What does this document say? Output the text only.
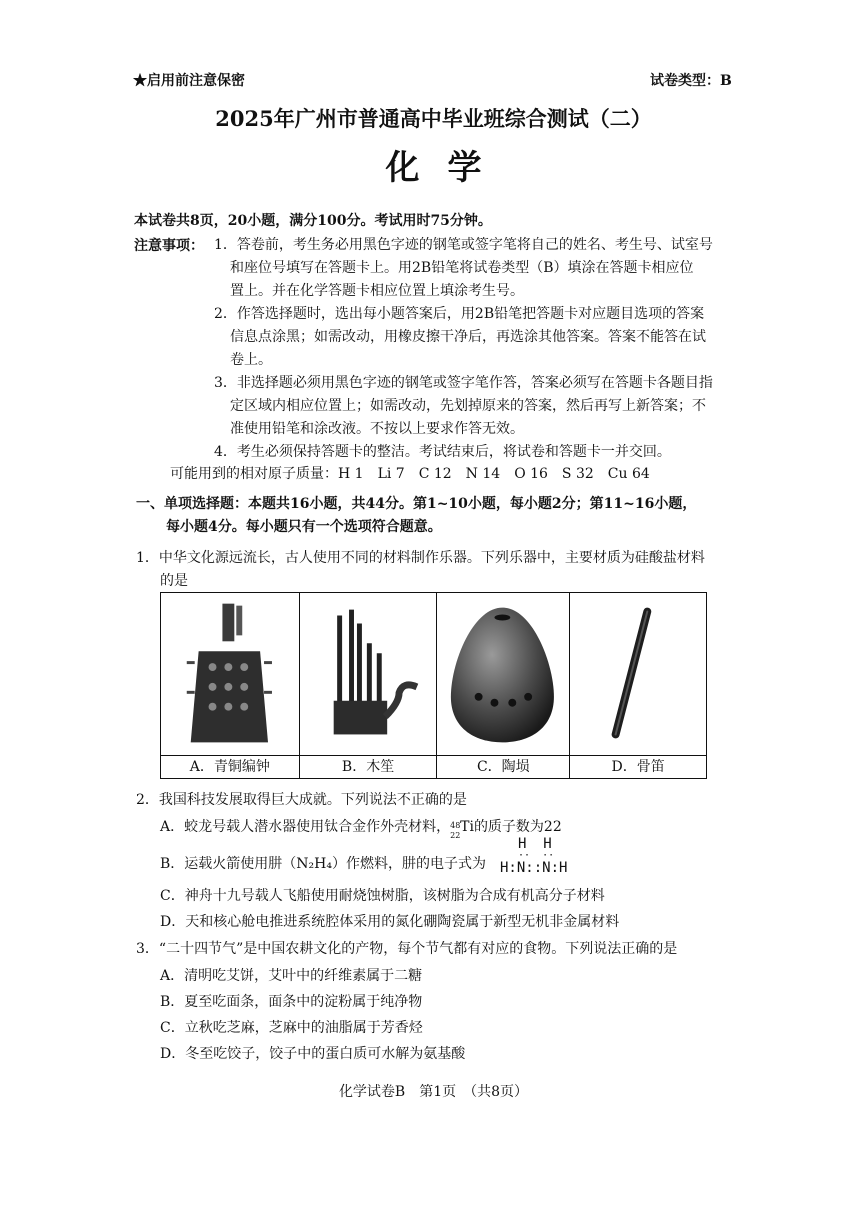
★启用前注意保密	试卷类型：B
2025年广州市普通高中毕业班综合测试（二）
化学
本试卷共8页，20小题，满分100分。考试用时75分钟。
注意事项： 1．答卷前，考生务必用黑色字迹的钢笔或签字笔将自己的姓名、考生号、试室号
和座位号填写在答题卡上。用2B铅笔将试卷类型（B）填涂在答题卡相应位
置上。并在化学答题卡相应位置上填涂考生号。
2．作答选择题时，选出每小题答案后，用2B铅笔把答题卡对应题目选项的答案
信息点涂黑；如需改动，用橡皮擦干净后，再选涂其他答案。答案不能答在试
卷上。
3．非选择题必须用黑色字迹的钢笔或签字笔作答，答案必须写在答题卡各题目指
定区域内相应位置上；如需改动，先划掉原来的答案，然后再写上新答案；不
准使用铅笔和涂改液。不按以上要求作答无效。
4．考生必须保持答题卡的整洁。考试结束后，将试卷和答题卡一并交回。
可能用到的相对原子质量：H 1　Li 7　C 12　N 14　O 16　S 32　Cu 64
一、单项选择题：本题共16小题，共44分。第1~10小题，每小题2分；第11~16小题，
每小题4分。每小题只有一个选项符合题意。
1．中华文化源远流长，古人使用不同的材料制作乐器。下列乐器中，主要材质为硅酸盐材料
的是

A．青铜编钟	B．木笙	C．陶埙	D．骨笛
2．我国科技发展取得巨大成就。下列说法不正确的是
A．蛟龙号载人潜水器使用钛合金作外壳材料， 48
22
Ti的质子数为22
B．运载火箭使用肼（N₂H₄）作燃料，肼的电子式为
H  H
··  ··
H:N::N:H
C．神舟十九号载人飞船使用耐烧蚀树脂，该树脂为合成有机高分子材料
D．天和核心舱电推进系统腔体采用的氮化硼陶瓷属于新型无机非金属材料
3．“二十四节气”是中国农耕文化的产物，每个节气都有对应的食物。下列说法正确的是
A．清明吃艾饼，艾叶中的纤维素属于二糖
B．夏至吃面条，面条中的淀粉属于纯净物
C．立秋吃芝麻，芝麻中的油脂属于芳香烃
D．冬至吃饺子，饺子中的蛋白质可水解为氨基酸
化学试卷B　第1页　（共8页）
